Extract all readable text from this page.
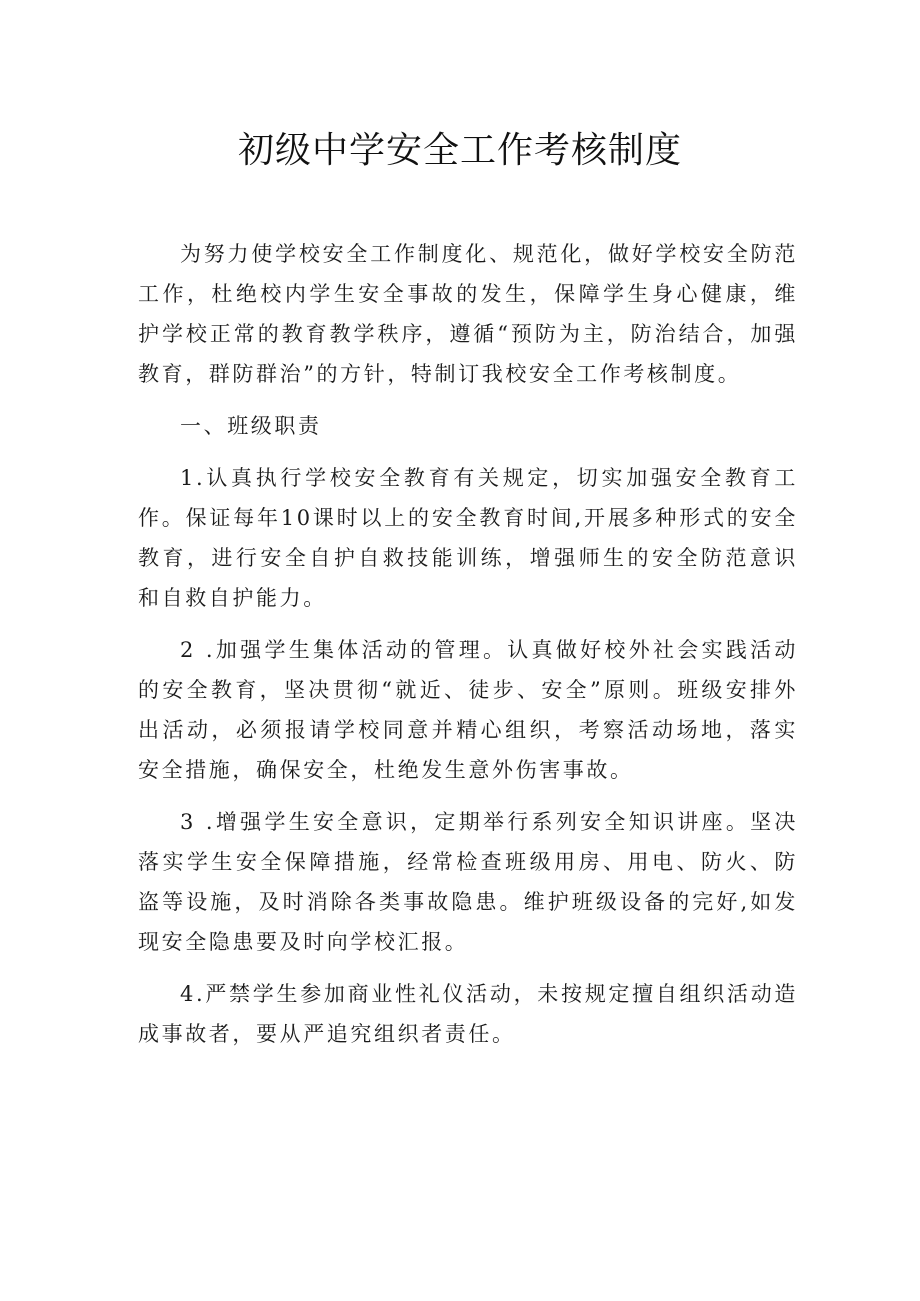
初级中学安全工作考核制度

为努力使学校安全工作制度化、规范化，做好学校安全防范工作，杜绝校内学生安全事故的发生，保障学生身心健康，维护学校正常的教育教学秩序，遵循“预防为主，防治结合，加强教育，群防群治”的方针，特制订我校安全工作考核制度。

一、班级职责

1.认真执行学校安全教育有关规定，切实加强安全教育工作。保证每年10课时以上的安全教育时间,开展多种形式的安全教育，进行安全自护自救技能训练，增强师生的安全防范意识和自救自护能力。

2 .加强学生集体活动的管理。认真做好校外社会实践活动的安全教育，坚决贯彻“就近、徒步、安全”原则。班级安排外出活动，必须报请学校同意并精心组织，考察活动场地，落实安全措施，确保安全，杜绝发生意外伤害事故。

3 .增强学生安全意识，定期举行系列安全知识讲座。坚决落实学生安全保障措施，经常检查班级用房、用电、防火、防盗等设施，及时消除各类事故隐患。维护班级设备的完好,如发现安全隐患要及时向学校汇报。

4.严禁学生参加商业性礼仪活动，未按规定擅自组织活动造成事故者，要从严追究组织者责任。
